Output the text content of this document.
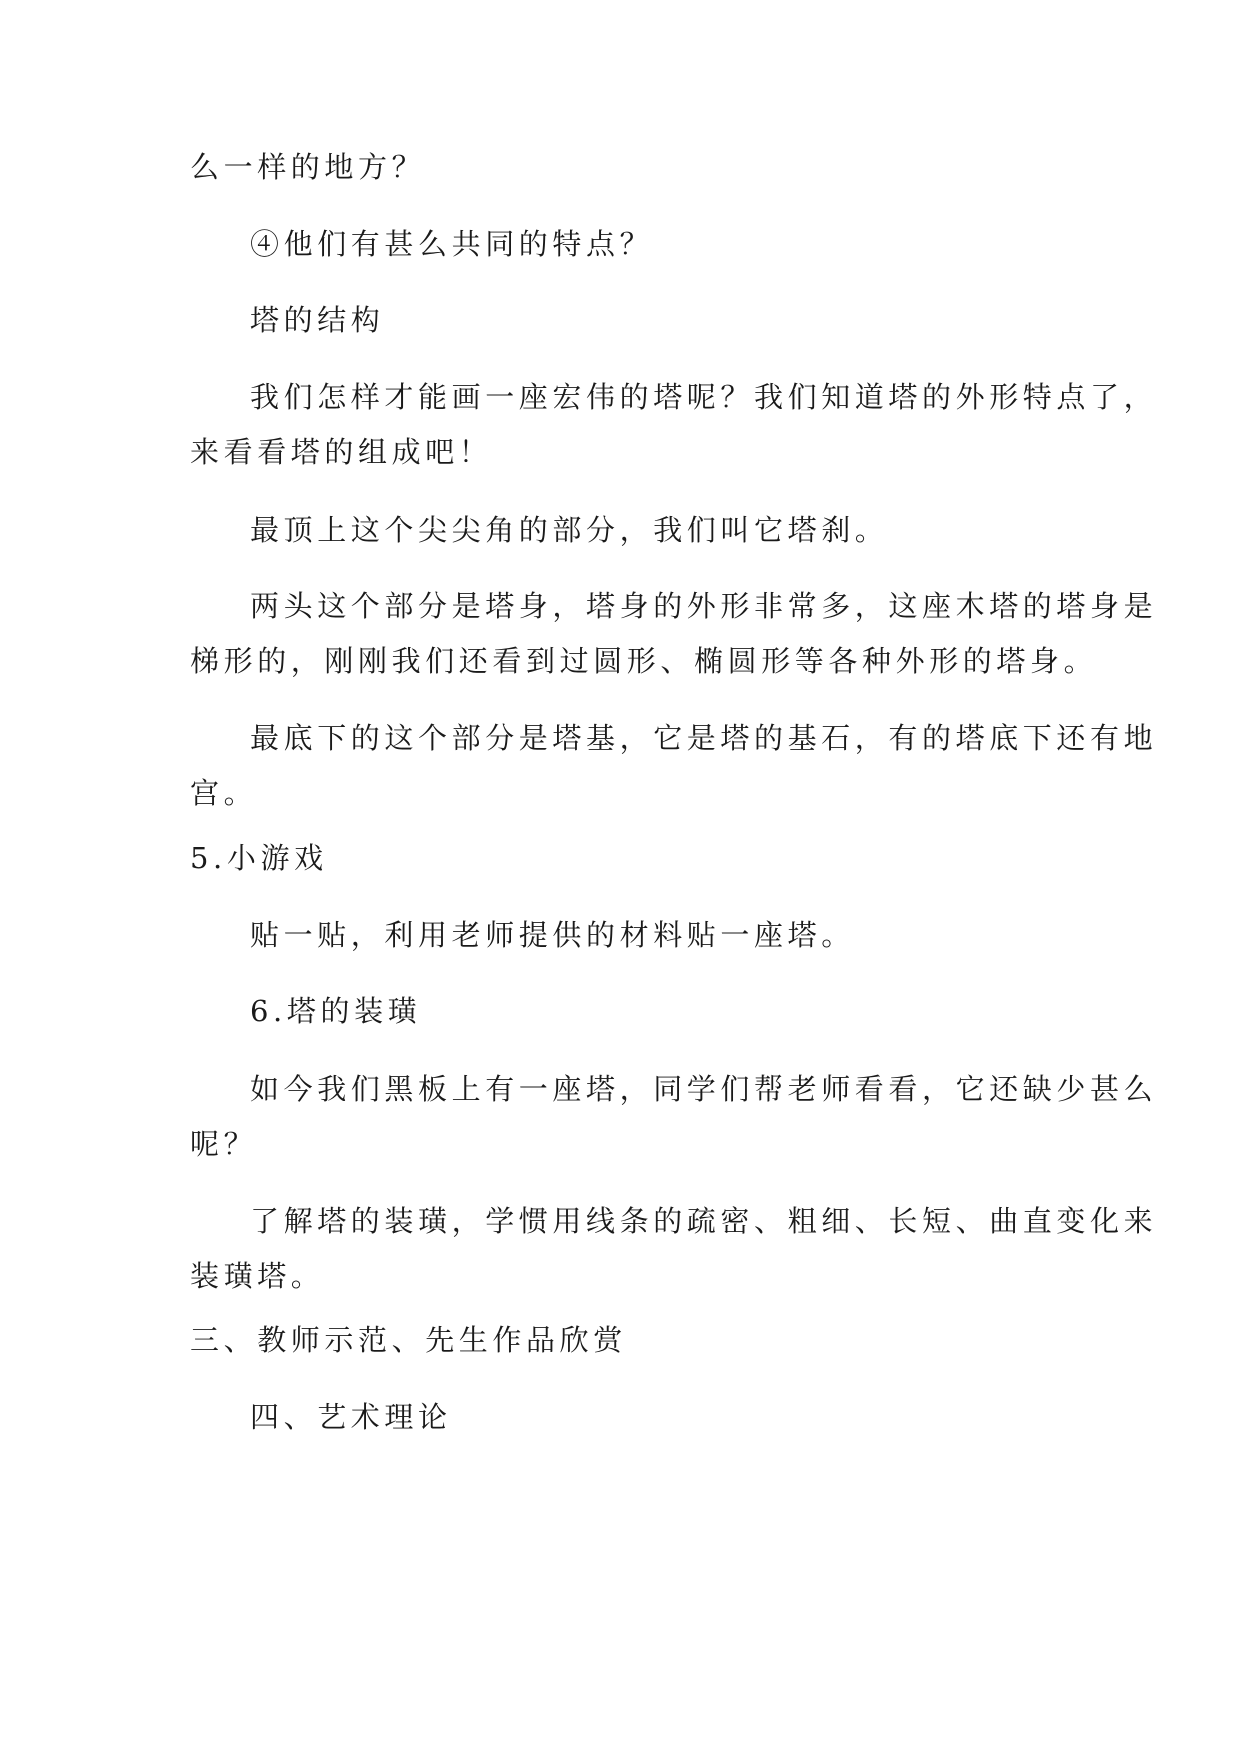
么一样的地方？
④他们有甚么共同的特点？
塔的结构
我们怎样才能画一座宏伟的塔呢？我们知道塔的外形特点了，
来看看塔的组成吧！
最顶上这个尖尖角的部分，我们叫它塔刹。
两头这个部分是塔身，塔身的外形非常多，这座木塔的塔身是
梯形的，刚刚我们还看到过圆形、椭圆形等各种外形的塔身。
最底下的这个部分是塔基，它是塔的基石，有的塔底下还有地
宫。
5.小游戏
贴一贴，利用老师提供的材料贴一座塔。
6.塔的装璜
如今我们黑板上有一座塔，同学们帮老师看看，它还缺少甚么
呢？
了解塔的装璜，学惯用线条的疏密、粗细、长短、曲直变化来
装璜塔。
三、教师示范、先生作品欣赏
四、艺术理论
